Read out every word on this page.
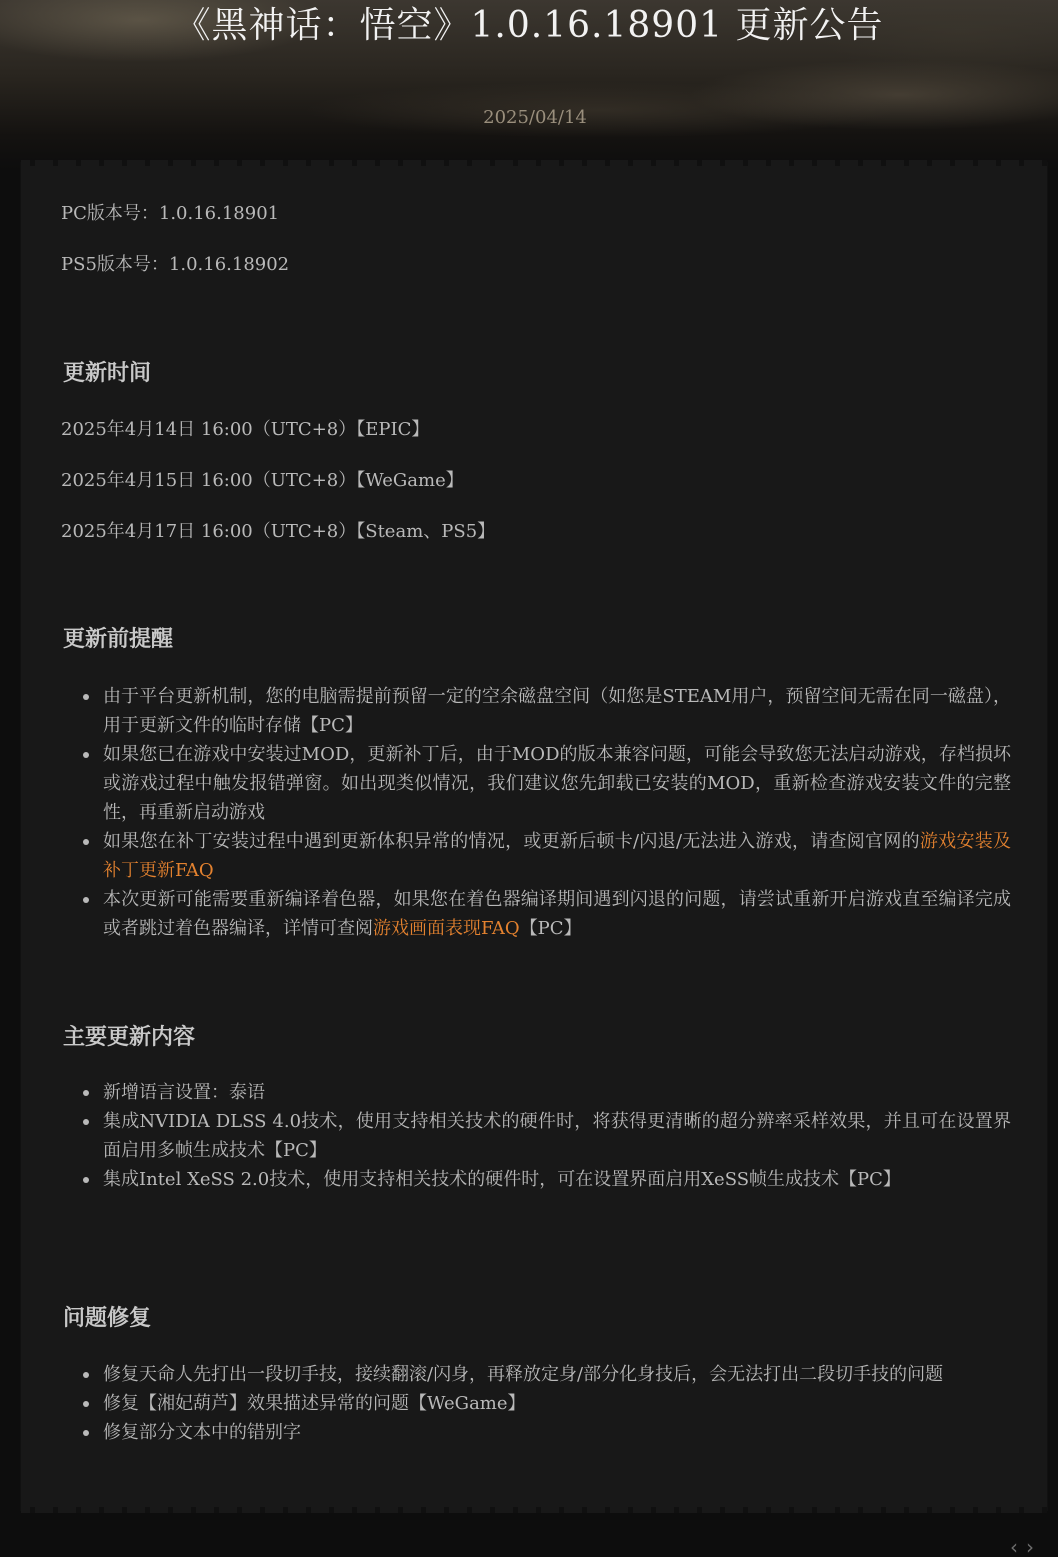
《黑神话：悟空》1.0.16.18901 更新公告
2025/04/14
PC版本号：1.0.16.18901
PS5版本号：1.0.16.18902
更新时间
2025年4月14日 16:00（UTC+8）【EPIC】
2025年4月15日 16:00（UTC+8）【WeGame】
2025年4月17日 16:00（UTC+8）【Steam、PS5】
更新前提醒
由于平台更新机制，您的电脑需提前预留一定的空余磁盘空间（如您是STEAM用户，预留空间无需在同一磁盘），用于更新文件的临时存储【PC】
如果您已在游戏中安装过MOD，更新补丁后，由于MOD的版本兼容问题，可能会导致您无法启动游戏，存档损坏或游戏过程中触发报错弹窗。如出现类似情况，我们建议您先卸载已安装的MOD，重新检查游戏安装文件的完整性，再重新启动游戏
如果您在补丁安装过程中遇到更新体积异常的情况，或更新后顿卡/闪退/无法进入游戏，请查阅官网的游戏安装及补丁更新FAQ
本次更新可能需要重新编译着色器，如果您在着色器编译期间遇到闪退的问题，请尝试重新开启游戏直至编译完成或者跳过着色器编译，详情可查阅游戏画面表现FAQ【PC】
主要更新内容
新增语言设置：泰语
集成NVIDIA DLSS 4.0技术，使用支持相关技术的硬件时，将获得更清晰的超分辨率采样效果，并且可在设置界面启用多帧生成技术【PC】
集成Intel XeSS 2.0技术，使用支持相关技术的硬件时，可在设置界面启用XeSS帧生成技术【PC】
问题修复
修复天命人先打出一段切手技，接续翻滚/闪身，再释放定身/部分化身技后，会无法打出二段切手技的问题
修复【湘妃葫芦】效果描述异常的问题【WeGame】
修复部分文本中的错别字
‹ ›
